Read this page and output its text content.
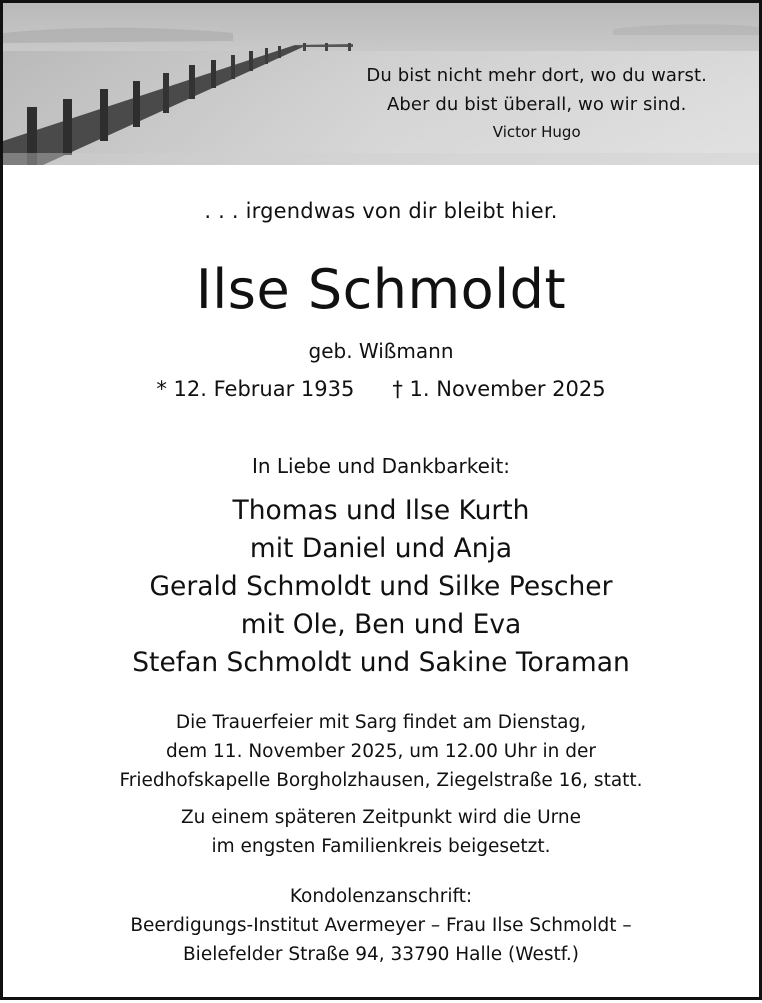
Du bist nicht mehr dort, wo du warst.
Aber du bist überall, wo wir sind.
Victor Hugo
. . . irgendwas von dir bleibt hier.
Ilse Schmoldt
geb. Wißmann
* 12. Februar 1935 † 1. November 2025
In Liebe und Dankbarkeit:
Thomas und Ilse Kurth
mit Daniel und Anja
Gerald Schmoldt und Silke Pescher
mit Ole, Ben und Eva
Stefan Schmoldt und Sakine Toraman
Die Trauerfeier mit Sarg findet am Dienstag,
dem 11. November 2025, um 12.00 Uhr in der
Friedhofskapelle Borgholzhausen, Ziegelstraße 16, statt.
Zu einem späteren Zeitpunkt wird die Urne
im engsten Familienkreis beigesetzt.
Kondolenzanschrift:
Beerdigungs-Institut Avermeyer – Frau Ilse Schmoldt –
Bielefelder Straße 94, 33790 Halle (Westf.)
